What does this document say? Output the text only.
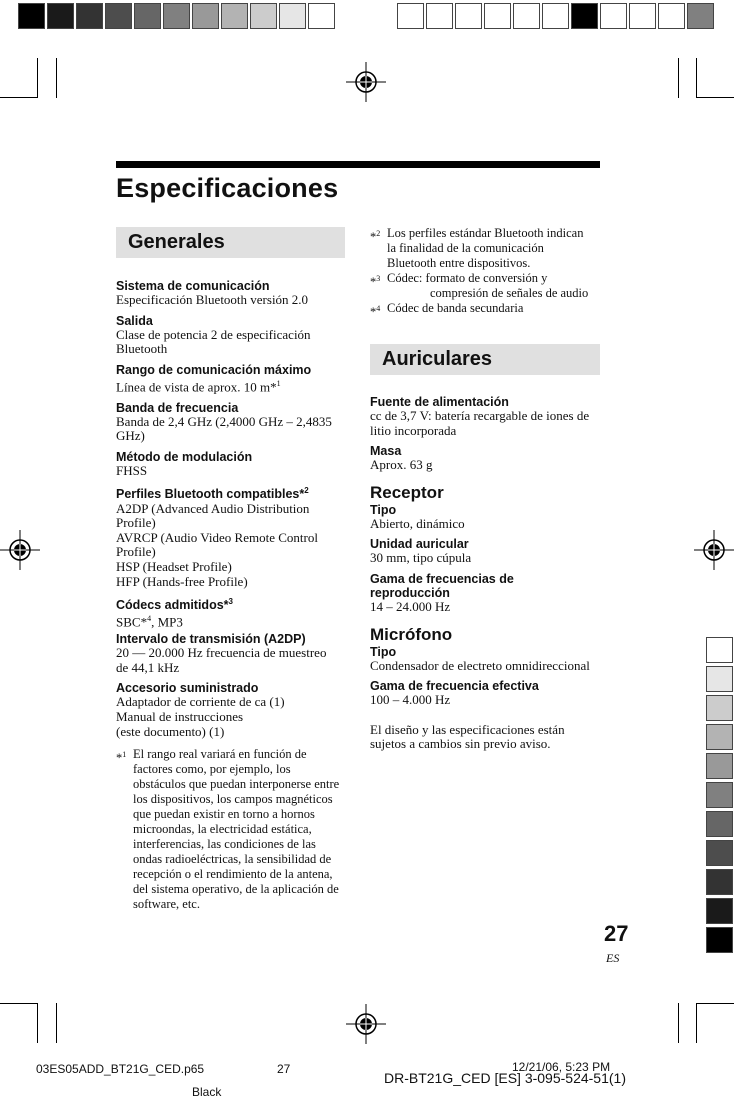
Especificaciones
Generales
Sistema de comunicación
Especificación Bluetooth versión 2.0
Salida
Clase de potencia 2 de especificación
Bluetooth
Rango de comunicación máximo
Línea de vista de aprox. 10 m*$^1$
Banda de frecuencia
Banda de 2,4 GHz (2,4000 GHz – 2,4835
GHz)
Método de modulación
FHSS
Perfiles Bluetooth compatibles*$^2$
A2DP (Advanced Audio Distribution
Profile)
AVRCP (Audio Video Remote Control
Profile)
HSP (Headset Profile)
HFP (Hands-free Profile)
Códecs admitidos*$^3$
SBC*$^4$, MP3
Intervalo de transmisión (A2DP)
20 — 20.000 Hz frecuencia de muestreo
de 44,1 kHz
Accesorio suministrado
Adaptador de corriente de ca (1)
Manual de instrucciones
(este documento) (1)
*$^1$ El rango real variará en función de
factores como, por ejemplo, los
obstáculos que puedan interponerse entre
los dispositivos, los campos magnéticos
que puedan existir en torno a hornos
microondas, la electricidad estática,
interferencias, las condiciones de las
ondas radioeléctricas, la sensibilidad de
recepción o el rendimiento de la antena,
del sistema operativo, de la aplicación de
software, etc.
*$^2$ Los perfiles estándar Bluetooth indican
la finalidad de la comunicación
Bluetooth entre dispositivos.
*$^3$ Códec: formato de conversión y
compresión de señales de audio
*$^4$ Códec de banda secundaria
Auriculares
Fuente de alimentación
cc de 3,7 V: batería recargable de iones de
litio incorporada
Masa
Aprox. 63 g
Receptor
Tipo
Abierto, dinámico
Unidad auricular
30 mm, tipo cúpula
Gama de frecuencias de reproducción
14 – 24.000 Hz
Micrófono
Tipo
Condensador de electreto omnidireccional
Gama de frecuencia efectiva
100 – 4.000 Hz
El diseño y las especificaciones están
sujetos a cambios sin previo aviso.
27
ES
03ES05ADD_BT21G_CED.p65	27	12/21/06, 5:23 PM
DR-BT21G_CED [ES] 3-095-524-51(1)
Black
